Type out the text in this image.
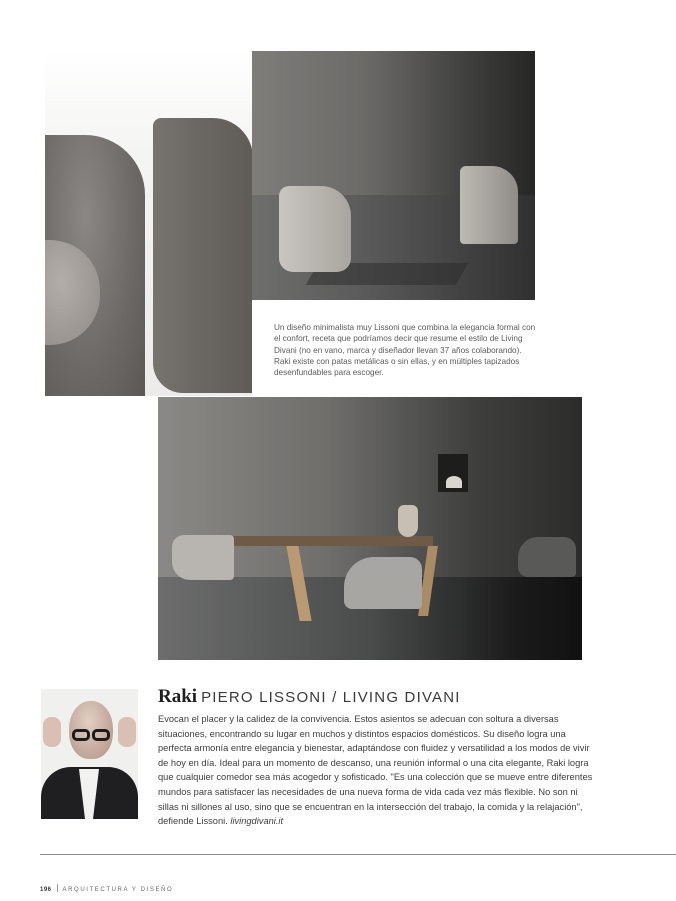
Un diseño minimalista muy Lissoni que combina la elegancia formal con el confort, receta que podríamos decir que resume el estilo de Living Divani (no en vano, marca y diseñador llevan 37 años colaborando). Raki existe con patas metálicas o sin ellas, y en múltiples tapizados desenfundables para escoger.
Raki PIERO LISSONI / LIVING DIVANI
Evocan el placer y la calidez de la convivencia. Estos asientos se adecuan con soltura a diversas situaciones, encontrando su lugar en muchos y distintos espacios domésticos. Su diseño logra una perfecta armonía entre elegancia y bienestar, adaptándose con fluidez y versatilidad a los modos de vivir de hoy en día. Ideal para un momento de descanso, una reunión informal o una cita elegante, Raki logra que cualquier comedor sea más acogedor y sofisticado. "Es una colección que se mueve entre diferentes mundos para satisfacer las necesidades de una nueva forma de vida cada vez más flexible. No son ni sillas ni sillones al uso, sino que se encuentran en la intersección del trabajo, la comida y la relajación", defiende Lissoni. livingdivani.it
196 ARQUITECTURA Y DISEÑO
